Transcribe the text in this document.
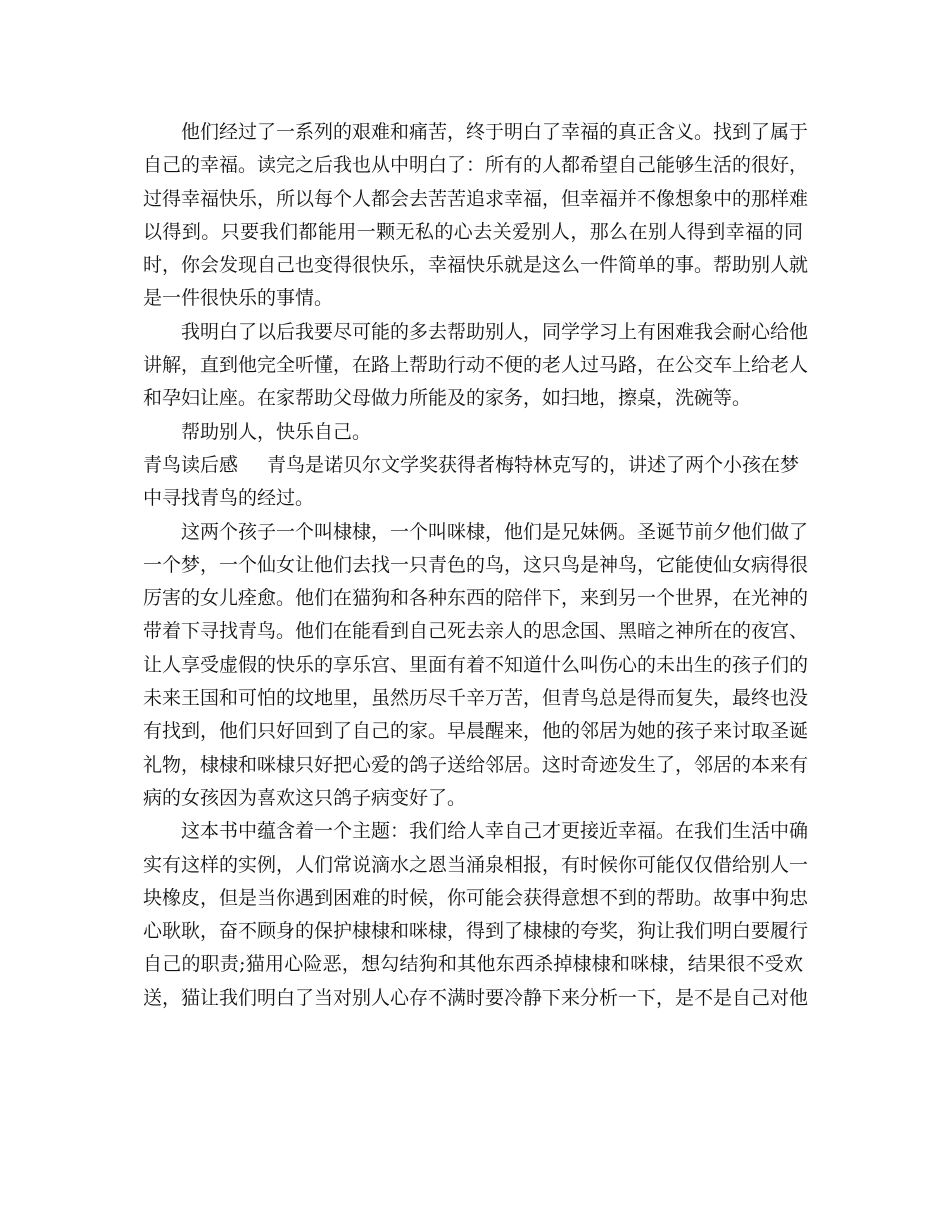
他们经过了一系列的艰难和痛苦，终于明白了幸福的真正含义。找到了属于
自己的幸福。读完之后我也从中明白了：所有的人都希望自己能够生活的很好，
过得幸福快乐，所以每个人都会去苦苦追求幸福，但幸福并不像想象中的那样难
以得到。只要我们都能用一颗无私的心去关爱别人，那么在别人得到幸福的同
时，你会发现自己也变得很快乐，幸福快乐就是这么一件简单的事。帮助别人就
是一件很快乐的事情。
我明白了以后我要尽可能的多去帮助别人，同学学习上有困难我会耐心给他
讲解，直到他完全听懂，在路上帮助行动不便的老人过马路，在公交车上给老人
和孕妇让座。在家帮助父母做力所能及的家务，如扫地，擦桌，洗碗等。
帮助别人，快乐自己。
青鸟读后感 青鸟是诺贝尔文学奖获得者梅特林克写的，讲述了两个小孩在梦
中寻找青鸟的经过。
这两个孩子一个叫棣棣，一个叫咪棣，他们是兄妹俩。圣诞节前夕他们做了
一个梦，一个仙女让他们去找一只青色的鸟，这只鸟是神鸟，它能使仙女病得很
厉害的女儿痊愈。他们在猫狗和各种东西的陪伴下，来到另一个世界，在光神的
带着下寻找青鸟。他们在能看到自己死去亲人的思念国、黑暗之神所在的夜宫、
让人享受虚假的快乐的享乐宫、里面有着不知道什么叫伤心的未出生的孩子们的
未来王国和可怕的坟地里，虽然历尽千辛万苦，但青鸟总是得而复失，最终也没
有找到，他们只好回到了自己的家。早晨醒来，他的邻居为她的孩子来讨取圣诞
礼物，棣棣和咪棣只好把心爱的鸽子送给邻居。这时奇迹发生了，邻居的本来有
病的女孩因为喜欢这只鸽子病变好了。
这本书中蕴含着一个主题：我们给人幸自己才更接近幸福。在我们生活中确
实有这样的实例，人们常说滴水之恩当涌泉相报，有时候你可能仅仅借给别人一
块橡皮，但是当你遇到困难的时候，你可能会获得意想不到的帮助。故事中狗忠
心耿耿，奋不顾身的保护棣棣和咪棣，得到了棣棣的夸奖，狗让我们明白要履行
自己的职责;猫用心险恶，想勾结狗和其他东西杀掉棣棣和咪棣，结果很不受欢
送，猫让我们明白了当对别人心存不满时要冷静下来分析一下，是不是自己对他
